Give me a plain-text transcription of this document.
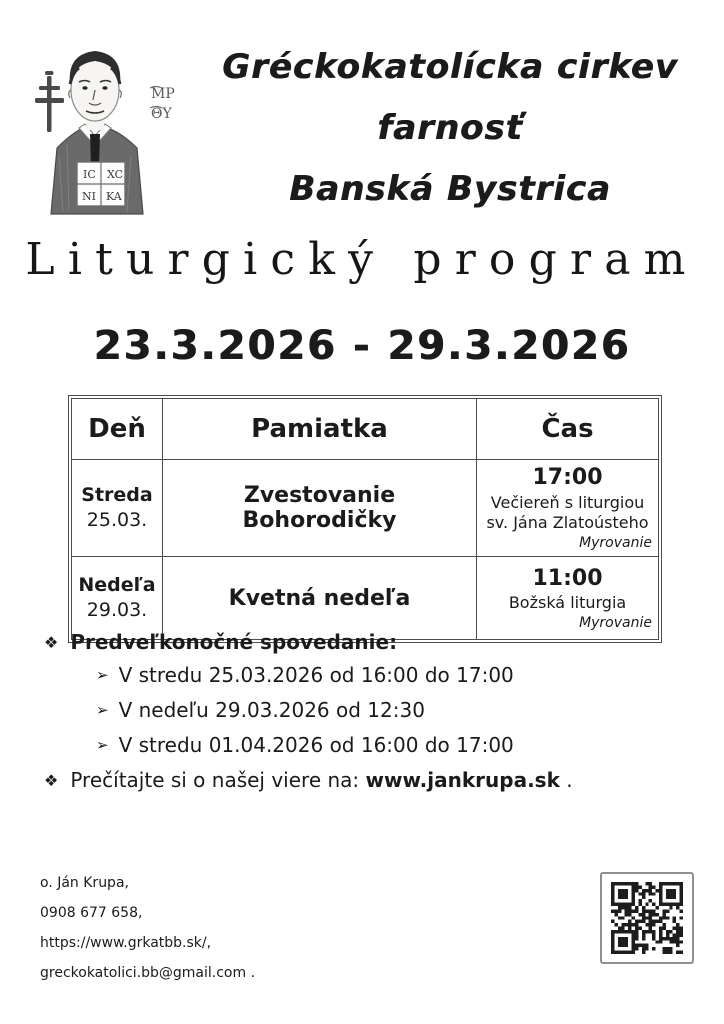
MP
ΘY
IC XC
NI KA
Gréckokatolícka cirkev
farnosť
Banská Bystrica
Liturgický program
23.3.2026 - 29.3.2026
Deň	Pamiatka	Čas
Streda
25.03.	Zvestovanie Bohorodičky	17:00
Večiereň s liturgiou sv. Jána Zlatoústeho
Myrovanie

Nedeľa
29.03.	Kvetná nedeľa	11:00
Božská liturgia
Myrovanie
❖ Predveľkonočné spovedanie:
➢ V stredu 25.03.2026 od 16:00 do 17:00
➢ V nedeľu 29.03.2026 od 12:30
➢ V stredu 01.04.2026 od 16:00 do 17:00
❖ Prečítajte si o našej viere na: www.jankrupa.sk .
o. Ján Krupa,
0908 677 658,
https://www.grkatbb.sk/,
greckokatolici.bb@gmail.com .
